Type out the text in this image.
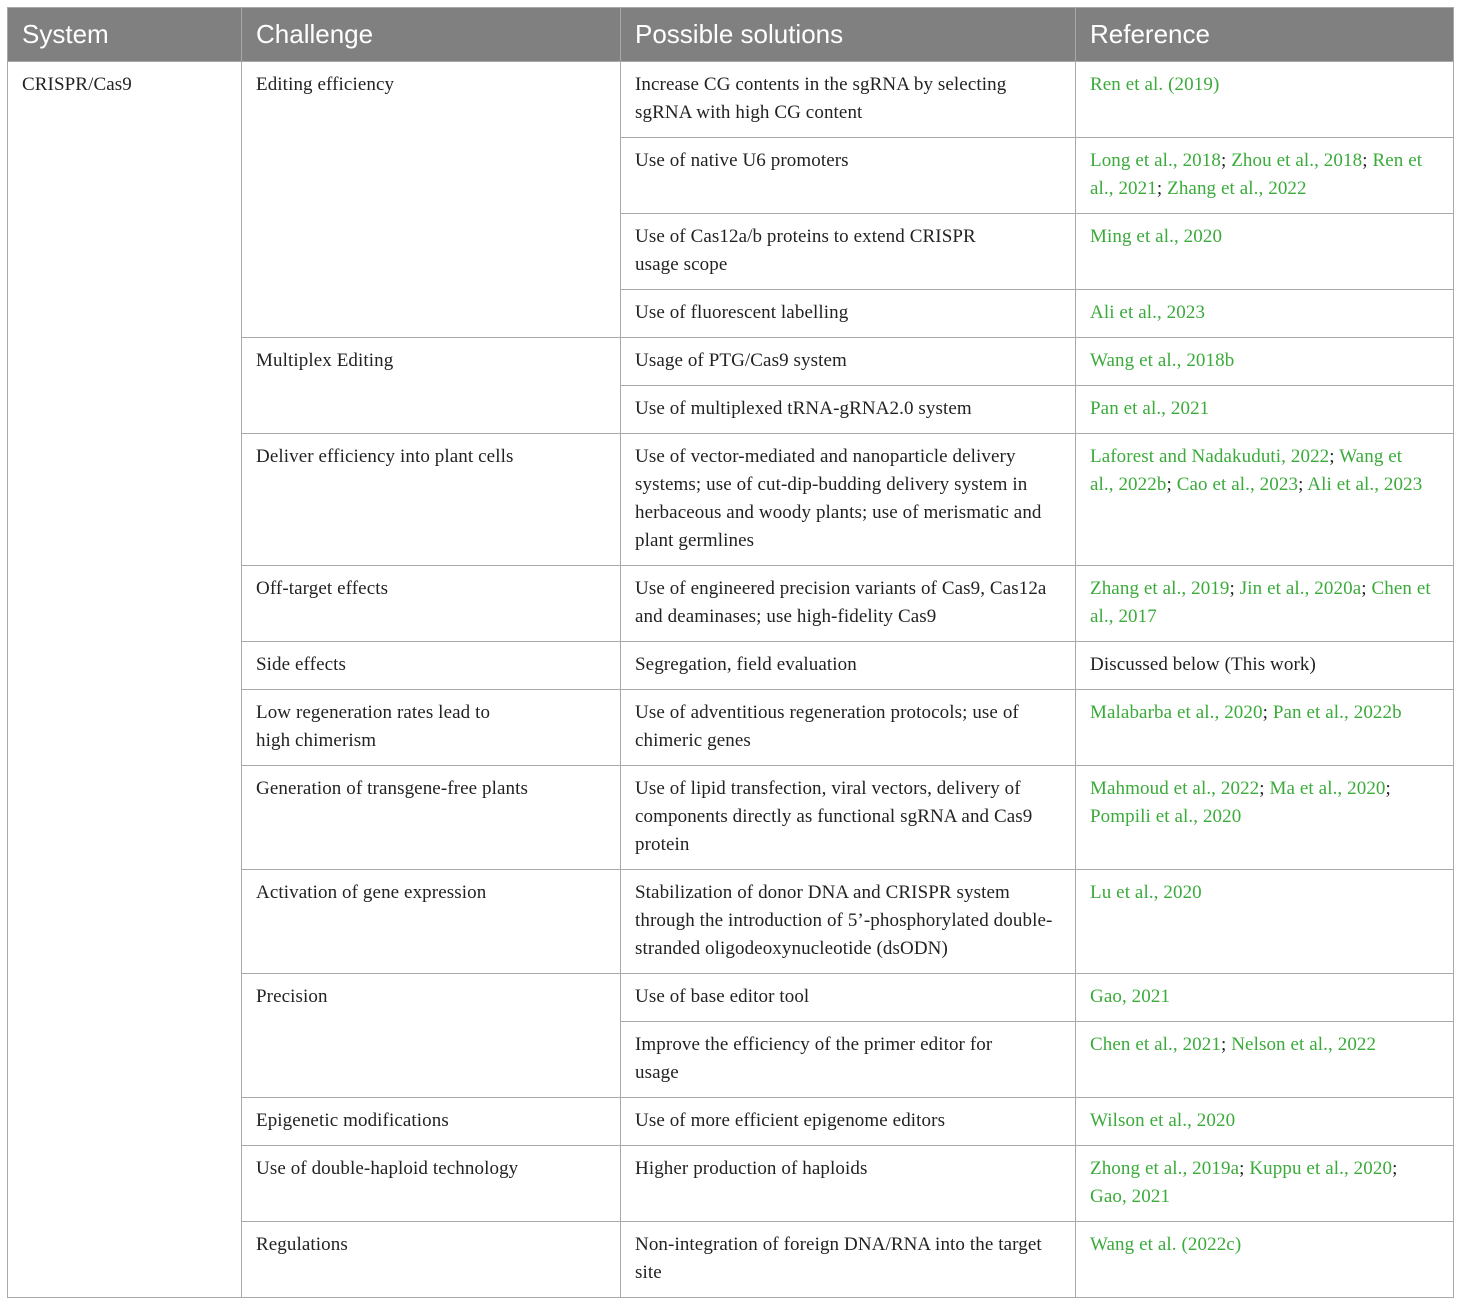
System	Challenge	Possible solutions	Reference
CRISPR/Cas9	Editing efficiency	Increase CG contents in the sgRNA by selecting sgRNA with high CG content	Ren et al. (2019)
		Use of native U6 promoters	Long et al., 2018; Zhou et al., 2018; Ren et al., 2021; Zhang et al., 2022
		Use of Cas12a/b proteins to extend CRISPR usage scope	Ming et al., 2020
		Use of fluorescent labelling	Ali et al., 2023
	Multiplex Editing	Usage of PTG/Cas9 system	Wang et al., 2018b
		Use of multiplexed tRNA-gRNA2.0 system	Pan et al., 2021
	Deliver efficiency into plant cells	Use of vector-mediated and nanoparticle delivery systems; use of cut-dip-budding delivery system in herbaceous and woody plants; use of merismatic and plant germlines	Laforest and Nadakuduti, 2022; Wang et al., 2022b; Cao et al., 2023; Ali et al., 2023
	Off-target effects	Use of engineered precision variants of Cas9, Cas12a and deaminases; use high-fidelity Cas9	Zhang et al., 2019; Jin et al., 2020a; Chen et al., 2017
	Side effects	Segregation, field evaluation	Discussed below (This work)
	Low regeneration rates lead to high chimerism	Use of adventitious regeneration protocols; use of chimeric genes	Malabarba et al., 2020; Pan et al., 2022b
	Generation of transgene-free plants	Use of lipid transfection, viral vectors, delivery of components directly as functional sgRNA and Cas9 protein	Mahmoud et al., 2022; Ma et al., 2020; Pompili et al., 2020
	Activation of gene expression	Stabilization of donor DNA and CRISPR system through the introduction of 5’-phosphorylated double-stranded oligodeoxynucleotide (dsODN)	Lu et al., 2020
	Precision	Use of base editor tool	Gao, 2021
		Improve the efficiency of the primer editor for usage	Chen et al., 2021; Nelson et al., 2022
	Epigenetic modifications	Use of more efficient epigenome editors	Wilson et al., 2020
	Use of double-haploid technology	Higher production of haploids	Zhong et al., 2019a; Kuppu et al., 2020; Gao, 2021
	Regulations	Non-integration of foreign DNA/RNA into the target site	Wang et al. (2022c)
